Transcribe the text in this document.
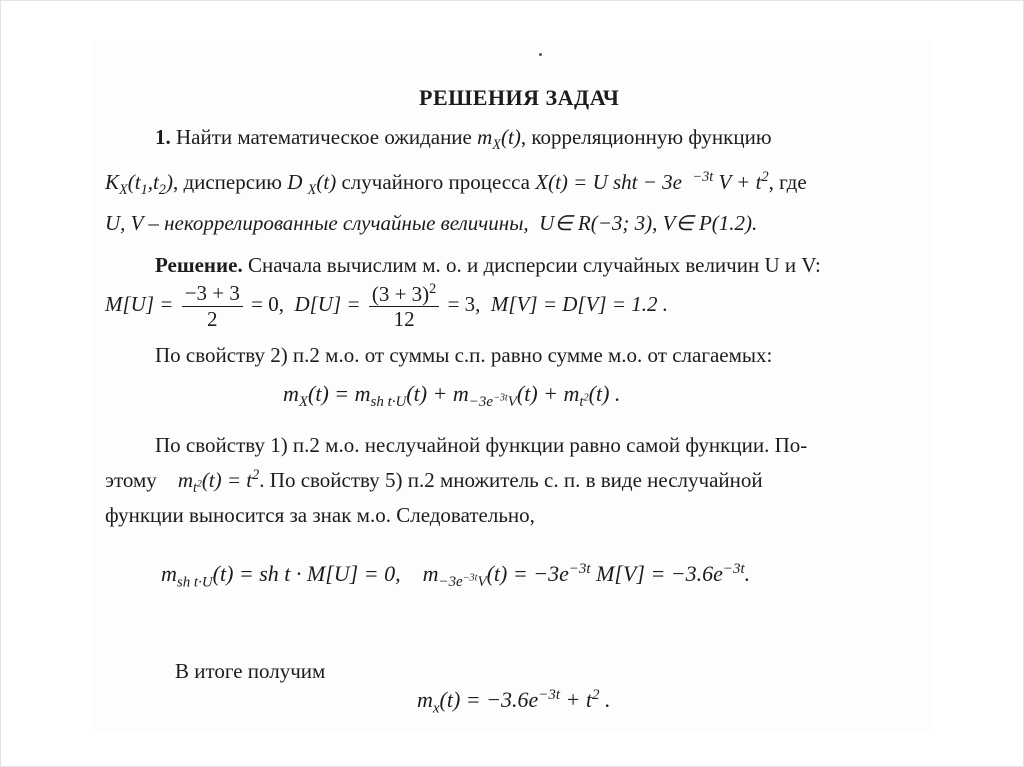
РЕШЕНИЯ ЗАДАЧ
1. Найти математическое ожидание $m_X(t)$, корреляционную функцию
$K_X(t_1,t_2)$, дисперсию D $_X$(t) случайного процесса X(t) = U sht − 3e $^{-3t}$ $V + t^2$, где
U, V – некоррелированные случайные величины, U∈ R(−3; 3), V∈ P(1.2).
Решение. Сначала вычислим м. о. и дисперсии случайных величин U и V:
$M[U] = \frac{-3 + 3}{2} = 0$, $D[U] = \frac{(3 + 3)^2}{12} = 3$, M[V] = D[V] = 1.2 .
По свойству 2) п.2 м.о. от суммы с.п. равно сумме м.о. от слагаемых:
$m_X(t) = m_{sh t\cdot U}(t) + m_{-3e^{-3t}V}(t) + m_{t^2}(t)$ .
По свойству 1) п.2 м.о. неслучайной функции равно самой функции. По-
этому $m_{t^2}(t) = t^2$. По свойству 5) п.2 множитель с. п. в виде неслучайной
функции выносится за знак м.о. Следовательно,
$m_{sh t\cdot U}(t)$ = sh t · M[U] = 0, $m_{-3e^{-3t}V}(t) = -3e^{-3t}$ $M[V] = -3.6e^{-3t}$.
В итоге получим
$m_x(t) = -3.6e^{-3t} + t^2$ .
